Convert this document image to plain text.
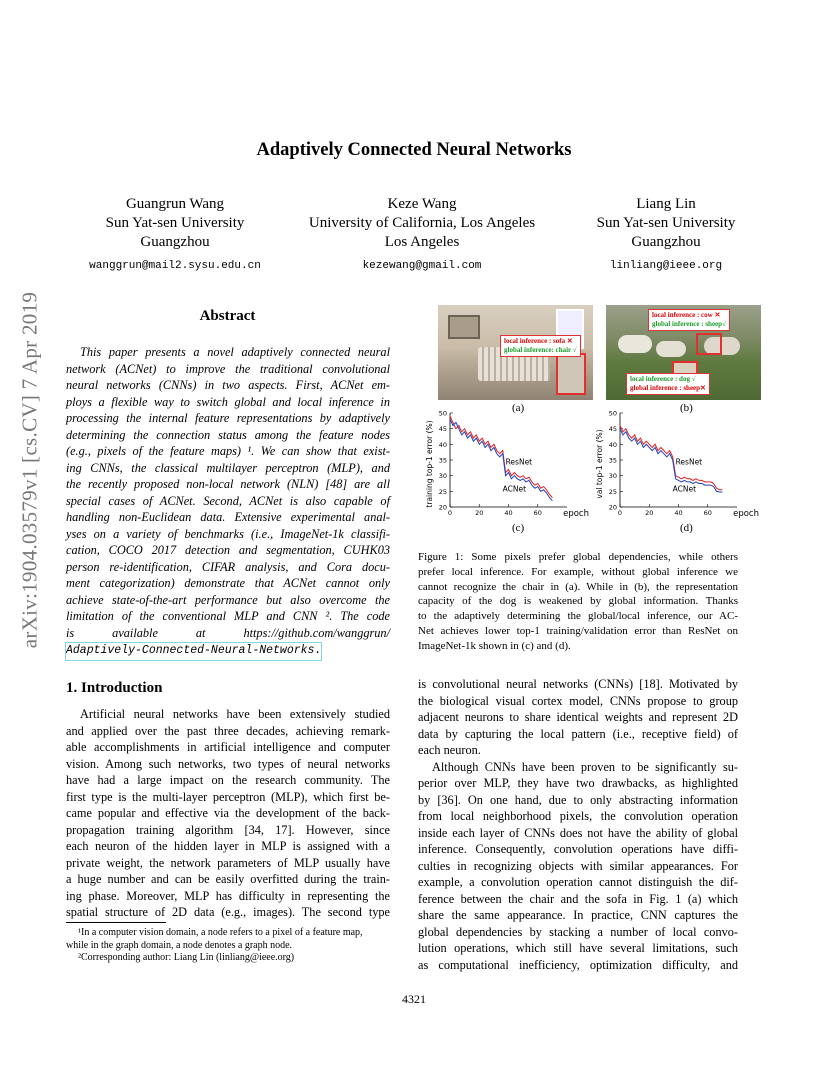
arXiv:1904.03579v1 [cs.CV] 7 Apr 2019
Adaptively Connected Neural Networks
Guangrun Wang
Sun Yat-sen University
Guangzhou
wanggrun@mail2.sysu.edu.cn
Keze Wang
University of California, Los Angeles
Los Angeles
kezewang@gmail.com
Liang Lin
Sun Yat-sen University
Guangzhou
linliang@ieee.org
Abstract
This paper presents a novel adaptively connected neural
network (ACNet) to improve the traditional convolutional
neural networks (CNNs) in two aspects. First, ACNet em-
ploys a flexible way to switch global and local inference in
processing the internal feature representations by adaptively
determining the connection status among the feature nodes
(e.g., pixels of the feature maps) ¹. We can show that exist-
ing CNNs, the classical multilayer perceptron (MLP), and
the recently proposed non-local network (NLN) [48] are all
special cases of ACNet. Second, ACNet is also capable of
handling non-Euclidean data. Extensive experimental anal-
yses on a variety of benchmarks (i.e., ImageNet-1k classifi-
cation, COCO 2017 detection and segmentation, CUHK03
person re-identification, CIFAR analysis, and Cora docu-
ment categorization) demonstrate that ACNet cannot only
achieve state-of-the-art performance but also overcome the
limitation of the conventional MLP and CNN ². The code
is available at https://github.com/wanggrun/
Adaptively-Connected-Neural-Networks.
1. Introduction
Artificial neural networks have been extensively studied
and applied over the past three decades, achieving remark-
able accomplishments in artificial intelligence and computer
vision. Among such networks, two types of neural networks
have had a large impact on the research community. The
first type is the multi-layer perceptron (MLP), which first be-
came popular and effective via the development of the back-
propagation training algorithm [34, 17]. However, since
each neuron of the hidden layer in MLP is assigned with a
private weight, the network parameters of MLP usually have
a huge number and can be easily overfitted during the train-
ing phase. Moreover, MLP has difficulty in representing the
spatial structure of 2D data (e.g., images). The second type
¹In a computer vision domain, a node refers to a pixel of a feature map,
while in the graph domain, a node denotes a graph node.
²Corresponding author: Liang Lin (linliang@ieee.org)
local inference : sofa ✕
global inference: chair √
(a)
local inference : cow ✕
global inference : sheep√
local inference : dog √
global inference : sheep✕
(b)
20
25
30
35
40
45
50
0	20	40	60 epoch
training top-1 error (%)	ResNet
ACNet
(c)
20
25
30
35
40
45
50
0	20	40	60 epoch
val top-1 error (%)	ResNet
ACNet
(d)
Figure 1: Some pixels prefer global dependencies, while others
prefer local inference. For example, without global inference we
cannot recognize the chair in (a). While in (b), the representation
capacity of the dog is weakened by global information. Thanks
to the adaptively determining the global/local inference, our AC-
Net achieves lower top-1 training/validation error than ResNet on
ImageNet-1k shown in (c) and (d).
is convolutional neural networks (CNNs) [18]. Motivated by
the biological visual cortex model, CNNs propose to group
adjacent neurons to share identical weights and represent 2D
data by capturing the local pattern (i.e., receptive field) of
each neuron.
Although CNNs have been proven to be significantly su-
perior over MLP, they have two drawbacks, as highlighted
by [36]. On one hand, due to only abstracting information
from local neighborhood pixels, the convolution operation
inside each layer of CNNs does not have the ability of global
inference. Consequently, convolution operations have diffi-
culties in recognizing objects with similar appearances. For
example, a convolution operation cannot distinguish the dif-
ference between the chair and the sofa in Fig. 1 (a) which
share the same appearance. In practice, CNN captures the
global dependencies by stacking a number of local convo-
lution operations, which still have several limitations, such
as computational inefficiency, optimization difficulty, and
4321
